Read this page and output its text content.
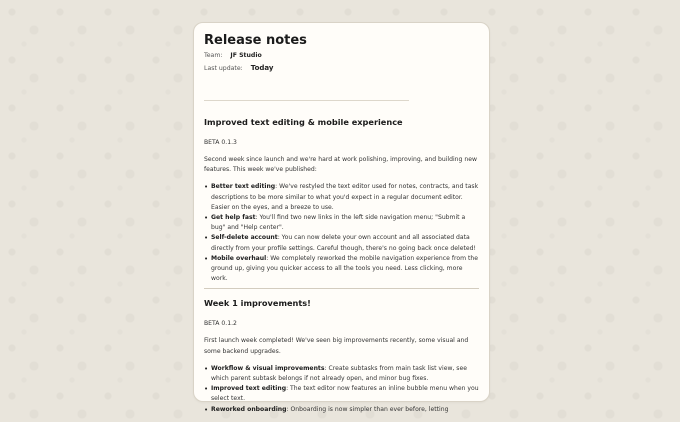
Release notes
Team: JF Studio
Last update: Today
Improved text editing & mobile experience

BETA 0.1.3

Second week since launch and we're hard at work polishing, improving, and building new features. This week we've published:

• Better text editing: We've restyled the text editor used for notes, contracts, and task descriptions to be more similar to what you'd expect in a regular document editor. Easier on the eyes, and a breeze to use.
• Get help fast: You'll find two new links in the left side navigation menu; "Submit a bug" and "Help center".
• Self-delete account: You can now delete your own account and all associated data directly from your profile settings. Careful though, there's no going back once deleted!
• Mobile overhaul: We completely reworked the mobile navigation experience from the ground up, giving you quicker access to all the tools you need. Less clicking, more work.
Week 1 improvements!

BETA 0.1.2

First launch week completed! We've seen big improvements recently, some visual and some backend upgrades.

• Workflow & visual improvements: Create subtasks from main task list view, see which parent subtask belongs if not already open, and minor bug fixes.
• Improved text editing: The text editor now features an inline bubble menu when you select text.
• Reworked onboarding: Onboarding is now simpler than ever before, letting
